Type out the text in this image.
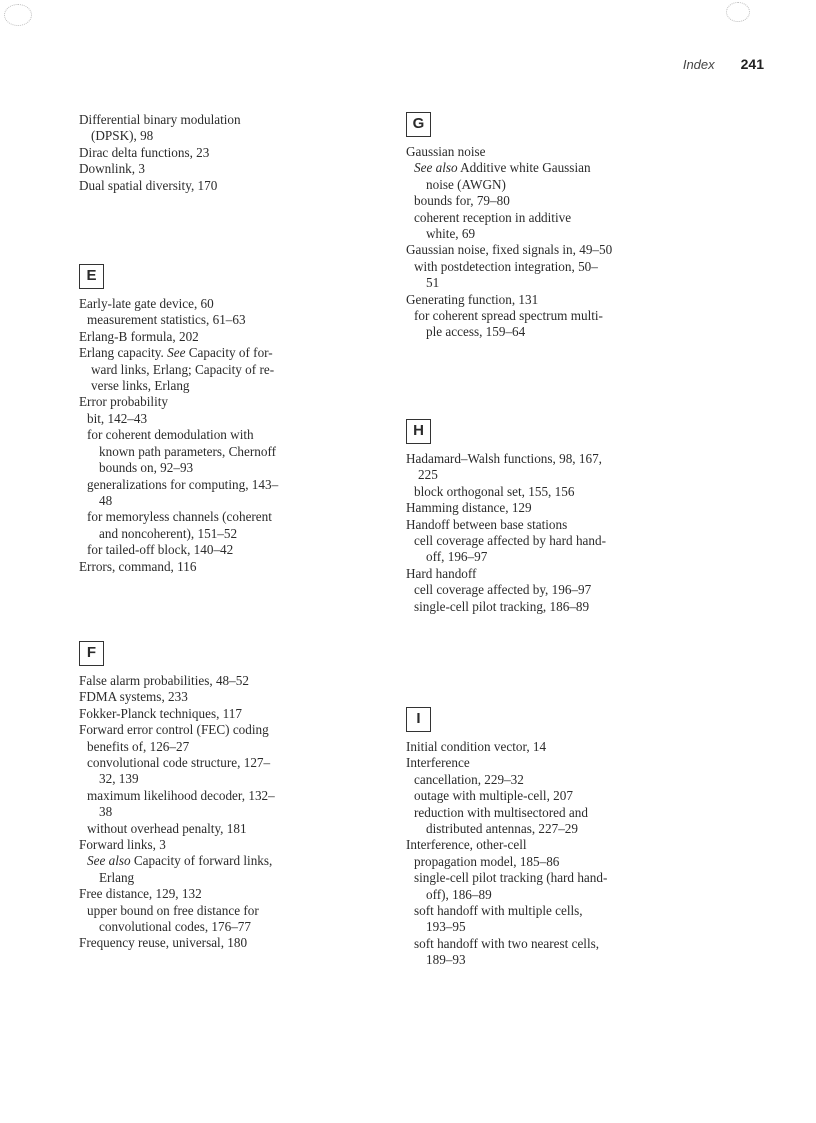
Index 241
Differential binary modulation
(DPSK), 98
Dirac delta functions, 23
Downlink, 3
Dual spatial diversity, 170
E
Early-late gate device, 60
measurement statistics, 61–63
Erlang-B formula, 202
Erlang capacity. See Capacity of for-
ward links, Erlang; Capacity of re-
verse links, Erlang
Error probability
bit, 142–43
for coherent demodulation with
known path parameters, Chernoff
bounds on, 92–93
generalizations for computing, 143–
48
for memoryless channels (coherent
and noncoherent), 151–52
for tailed-off block, 140–42
Errors, command, 116
F
False alarm probabilities, 48–52
FDMA systems, 233
Fokker-Planck techniques, 117
Forward error control (FEC) coding
benefits of, 126–27
convolutional code structure, 127–
32, 139
maximum likelihood decoder, 132–
38
without overhead penalty, 181
Forward links, 3
See also Capacity of forward links,
Erlang
Free distance, 129, 132
upper bound on free distance for
convolutional codes, 176–77
Frequency reuse, universal, 180
G
Gaussian noise
See also Additive white Gaussian
noise (AWGN)
bounds for, 79–80
coherent reception in additive
white, 69
Gaussian noise, fixed signals in, 49–50
with postdetection integration, 50–
51
Generating function, 131
for coherent spread spectrum multi-
ple access, 159–64
H
Hadamard–Walsh functions, 98, 167,
225
block orthogonal set, 155, 156
Hamming distance, 129
Handoff between base stations
cell coverage affected by hard hand-
off, 196–97
Hard handoff
cell coverage affected by, 196–97
single-cell pilot tracking, 186–89
I
Initial condition vector, 14
Interference
cancellation, 229–32
outage with multiple-cell, 207
reduction with multisectored and
distributed antennas, 227–29
Interference, other-cell
propagation model, 185–86
single-cell pilot tracking (hard hand-
off), 186–89
soft handoff with multiple cells,
193–95
soft handoff with two nearest cells,
189–93
